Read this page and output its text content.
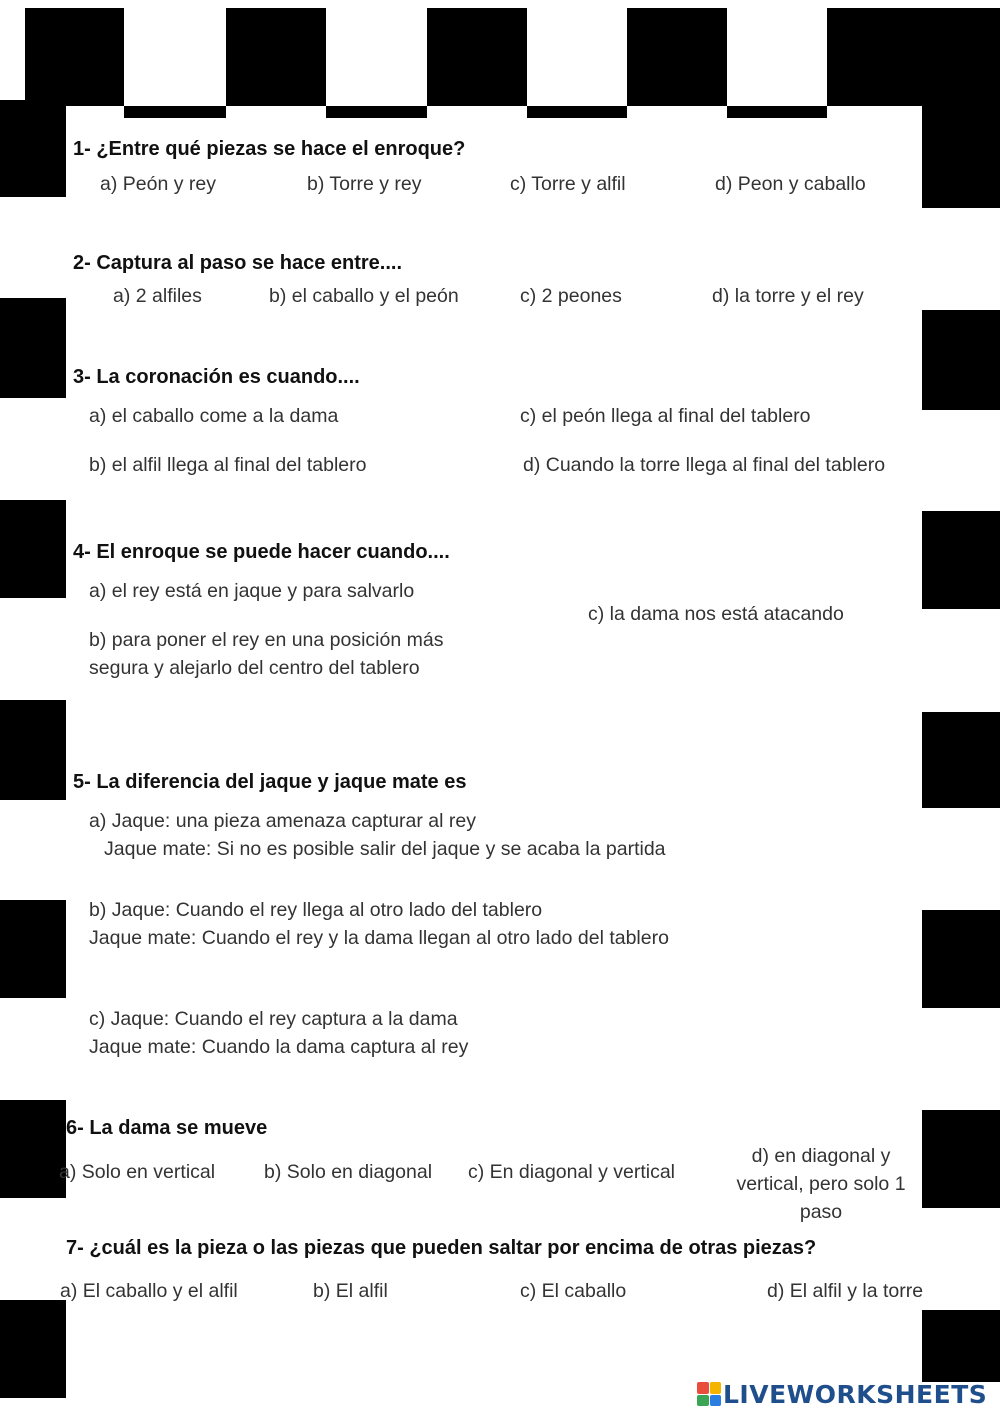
1- ¿Entre qué piezas se hace el enroque?
a) Peón y rey	b) Torre y rey	c) Torre y alfil	d) Peon y caballo
2- Captura al paso se hace entre....
a) 2 alfiles	b) el caballo y el peón	c) 2 peones	d) la torre y el rey
3- La coronación es cuando....
a) el caballo come a la dama	c) el peón llega al final del tablero
b) el alfil llega al final del tablero	d) Cuando la torre llega al final del tablero
4- El enroque se puede hacer cuando....
a) el rey está en jaque y para salvarlo
c) la dama nos está atacando
b) para poner el rey en una posición más
segura y alejarlo del centro del tablero
5- La diferencia del jaque y jaque mate es
a) Jaque: una pieza amenaza capturar al rey
Jaque mate: Si no es posible salir del jaque y se acaba la partida
b) Jaque: Cuando el rey llega al otro lado del tablero
Jaque mate: Cuando el rey y la dama llegan al otro lado del tablero
c) Jaque: Cuando el rey captura a la dama
Jaque mate: Cuando la dama captura al rey
6- La dama se mueve
a) Solo en vertical	b) Solo en diagonal c) En diagonal y vertical
d) en diagonal y vertical, pero solo 1 paso
7- ¿cuál es la pieza o las piezas que pueden saltar por encima de otras piezas?
a) El caballo y el alfil	b) El alfil	c) El caballo	d) El alfil y la torre
LIVEWORKSHEETS
